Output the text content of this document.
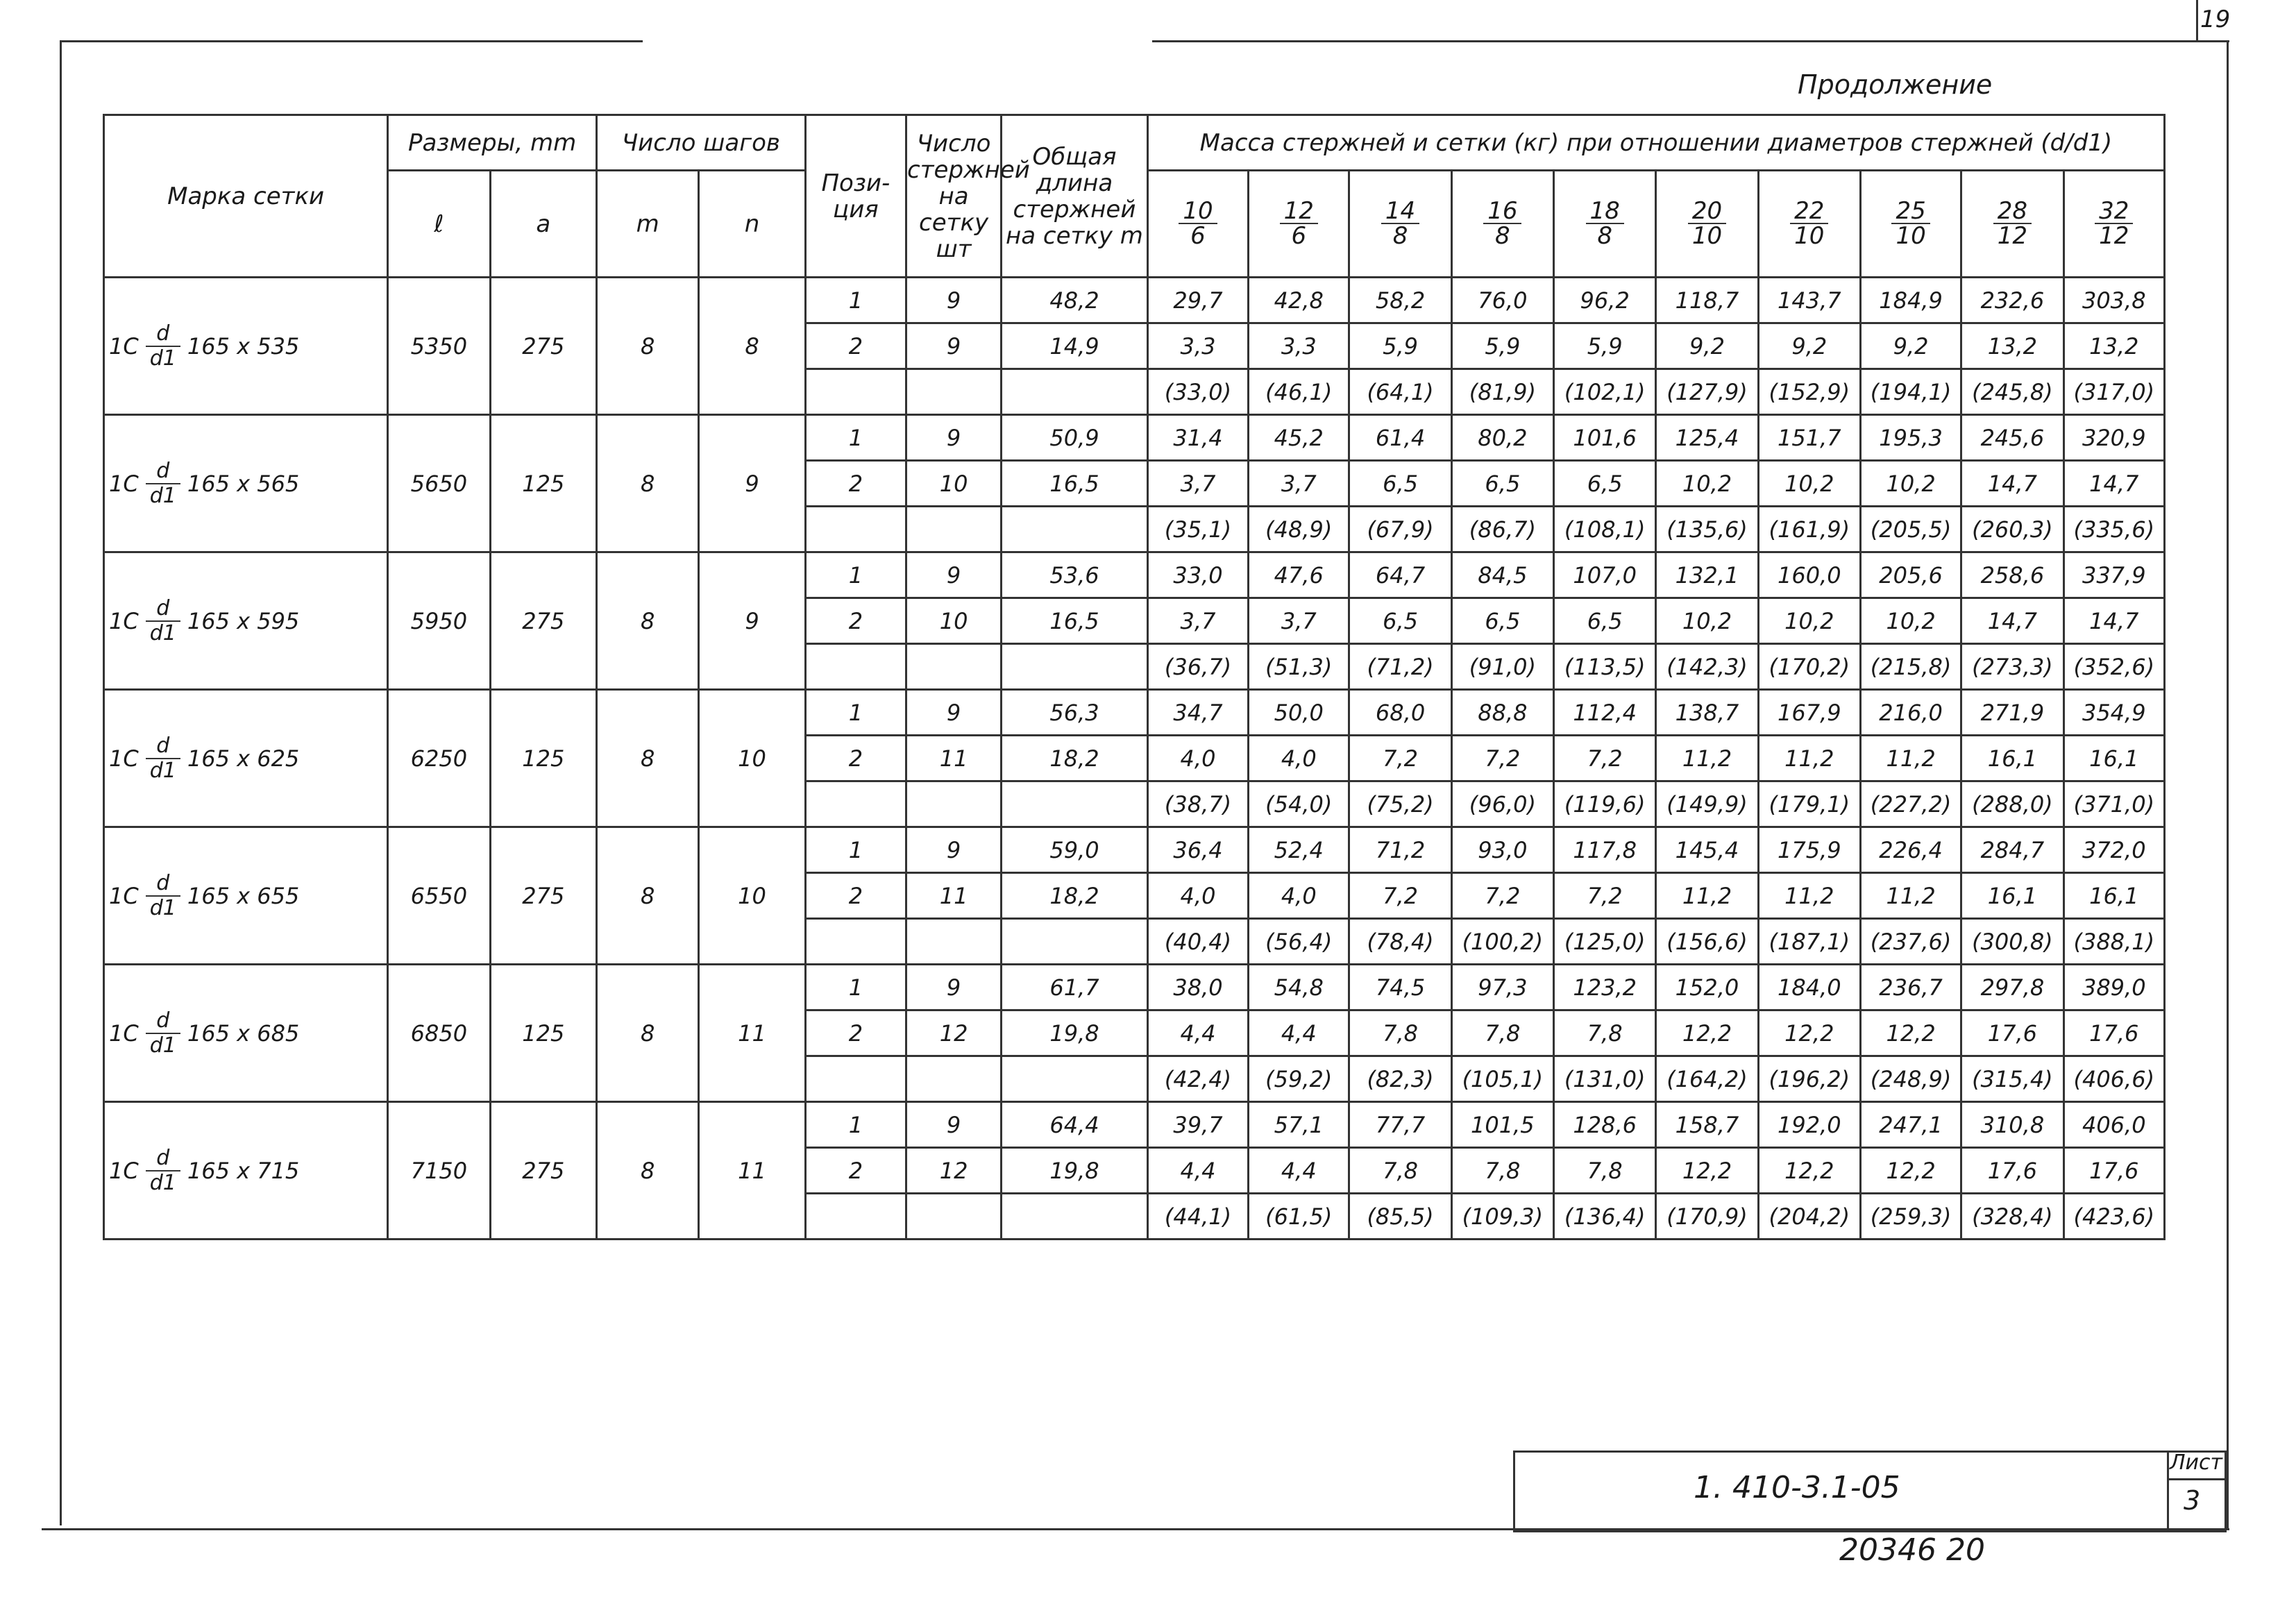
19
Продолжение
Марка сетки	Размеры, mm		Число шагов		Пози-ция	Число стержней на сетку шт	Общая длина стержней на сетку m	Масса стержней и сетки (кг) при отношении диаметров стержней (d/d1)									
	ℓ	a	m	n				$\frac{10}{6}$	$\frac{12}{6}$	$\frac{14}{8}$	$\frac{16}{8}$	$\frac{18}{8}$	$\frac{20}{10}$	$\frac{22}{10}$	$\frac{25}{10}$	$\frac{28}{12}$	$\frac{32}{12}$

$1С \frac{d}{d1} 165$ x 535	5350	275	8	8	1	9	48,2	29,7	42,8	58,2	76,0	96,2	118,7	143,7	184,9	232,6	303,8
					2	9	14,9	3,3	3,3	5,9	5,9	5,9	9,2	9,2	9,2	13,2	13,2
								(33,0)	(46,1)	(64,1)	(81,9)	(102,1)	(127,9)	(152,9)	(194,1)	(245,8)	(317,0)

$1С \frac{d}{d1} 165$ x 565	5650	125	8	9	1	9	50,9	31,4	45,2	61,4	80,2	101,6	125,4	151,7	195,3	245,6	320,9
					2	10	16,5	3,7	3,7	6,5	6,5	6,5	10,2	10,2	10,2	14,7	14,7
								(35,1)	(48,9)	(67,9)	(86,7)	(108,1)	(135,6)	(161,9)	(205,5)	(260,3)	(335,6)

$1С \frac{d}{d1} 165$ x 595	5950	275	8	9	1	9	53,6	33,0	47,6	64,7	84,5	107,0	132,1	160,0	205,6	258,6	337,9
					2	10	16,5	3,7	3,7	6,5	6,5	6,5	10,2	10,2	10,2	14,7	14,7
								(36,7)	(51,3)	(71,2)	(91,0)	(113,5)	(142,3)	(170,2)	(215,8)	(273,3)	(352,6)

$1С \frac{d}{d1} 165$ x 625	6250	125	8	10	1	9	56,3	34,7	50,0	68,0	88,8	112,4	138,7	167,9	216,0	271,9	354,9
					2	11	18,2	4,0	4,0	7,2	7,2	7,2	11,2	11,2	11,2	16,1	16,1
								(38,7)	(54,0)	(75,2)	(96,0)	(119,6)	(149,9)	(179,1)	(227,2)	(288,0)	(371,0)

$1С \frac{d}{d1} 165$ x 655	6550	275	8	10	1	9	59,0	36,4	52,4	71,2	93,0	117,8	145,4	175,9	226,4	284,7	372,0
					2	11	18,2	4,0	4,0	7,2	7,2	7,2	11,2	11,2	11,2	16,1	16,1
								(40,4)	(56,4)	(78,4)	(100,2)	(125,0)	(156,6)	(187,1)	(237,6)	(300,8)	(388,1)

$1С \frac{d}{d1} 165$ x 685	6850	125	8	11	1	9	61,7	38,0	54,8	74,5	97,3	123,2	152,0	184,0	236,7	297,8	389,0
					2	12	19,8	4,4	4,4	7,8	7,8	7,8	12,2	12,2	12,2	17,6	17,6
								(42,4)	(59,2)	(82,3)	(105,1)	(131,0)	(164,2)	(196,2)	(248,9)	(315,4)	(406,6)

$1С \frac{d}{d1} 165$ x 715	7150	275	8	11	1	9	64,4	39,7	57,1	77,7	101,5	128,6	158,7	192,0	247,1	310,8	406,0
					2	12	19,8	4,4	4,4	7,8	7,8	7,8	12,2	12,2	12,2	17,6	17,6
								(44,1)	(61,5)	(85,5)	(109,3)	(136,4)	(170,9)	(204,2)	(259,3)	(328,4)	(423,6)
1. 410-3.1-05
Лист
3
20346 20
